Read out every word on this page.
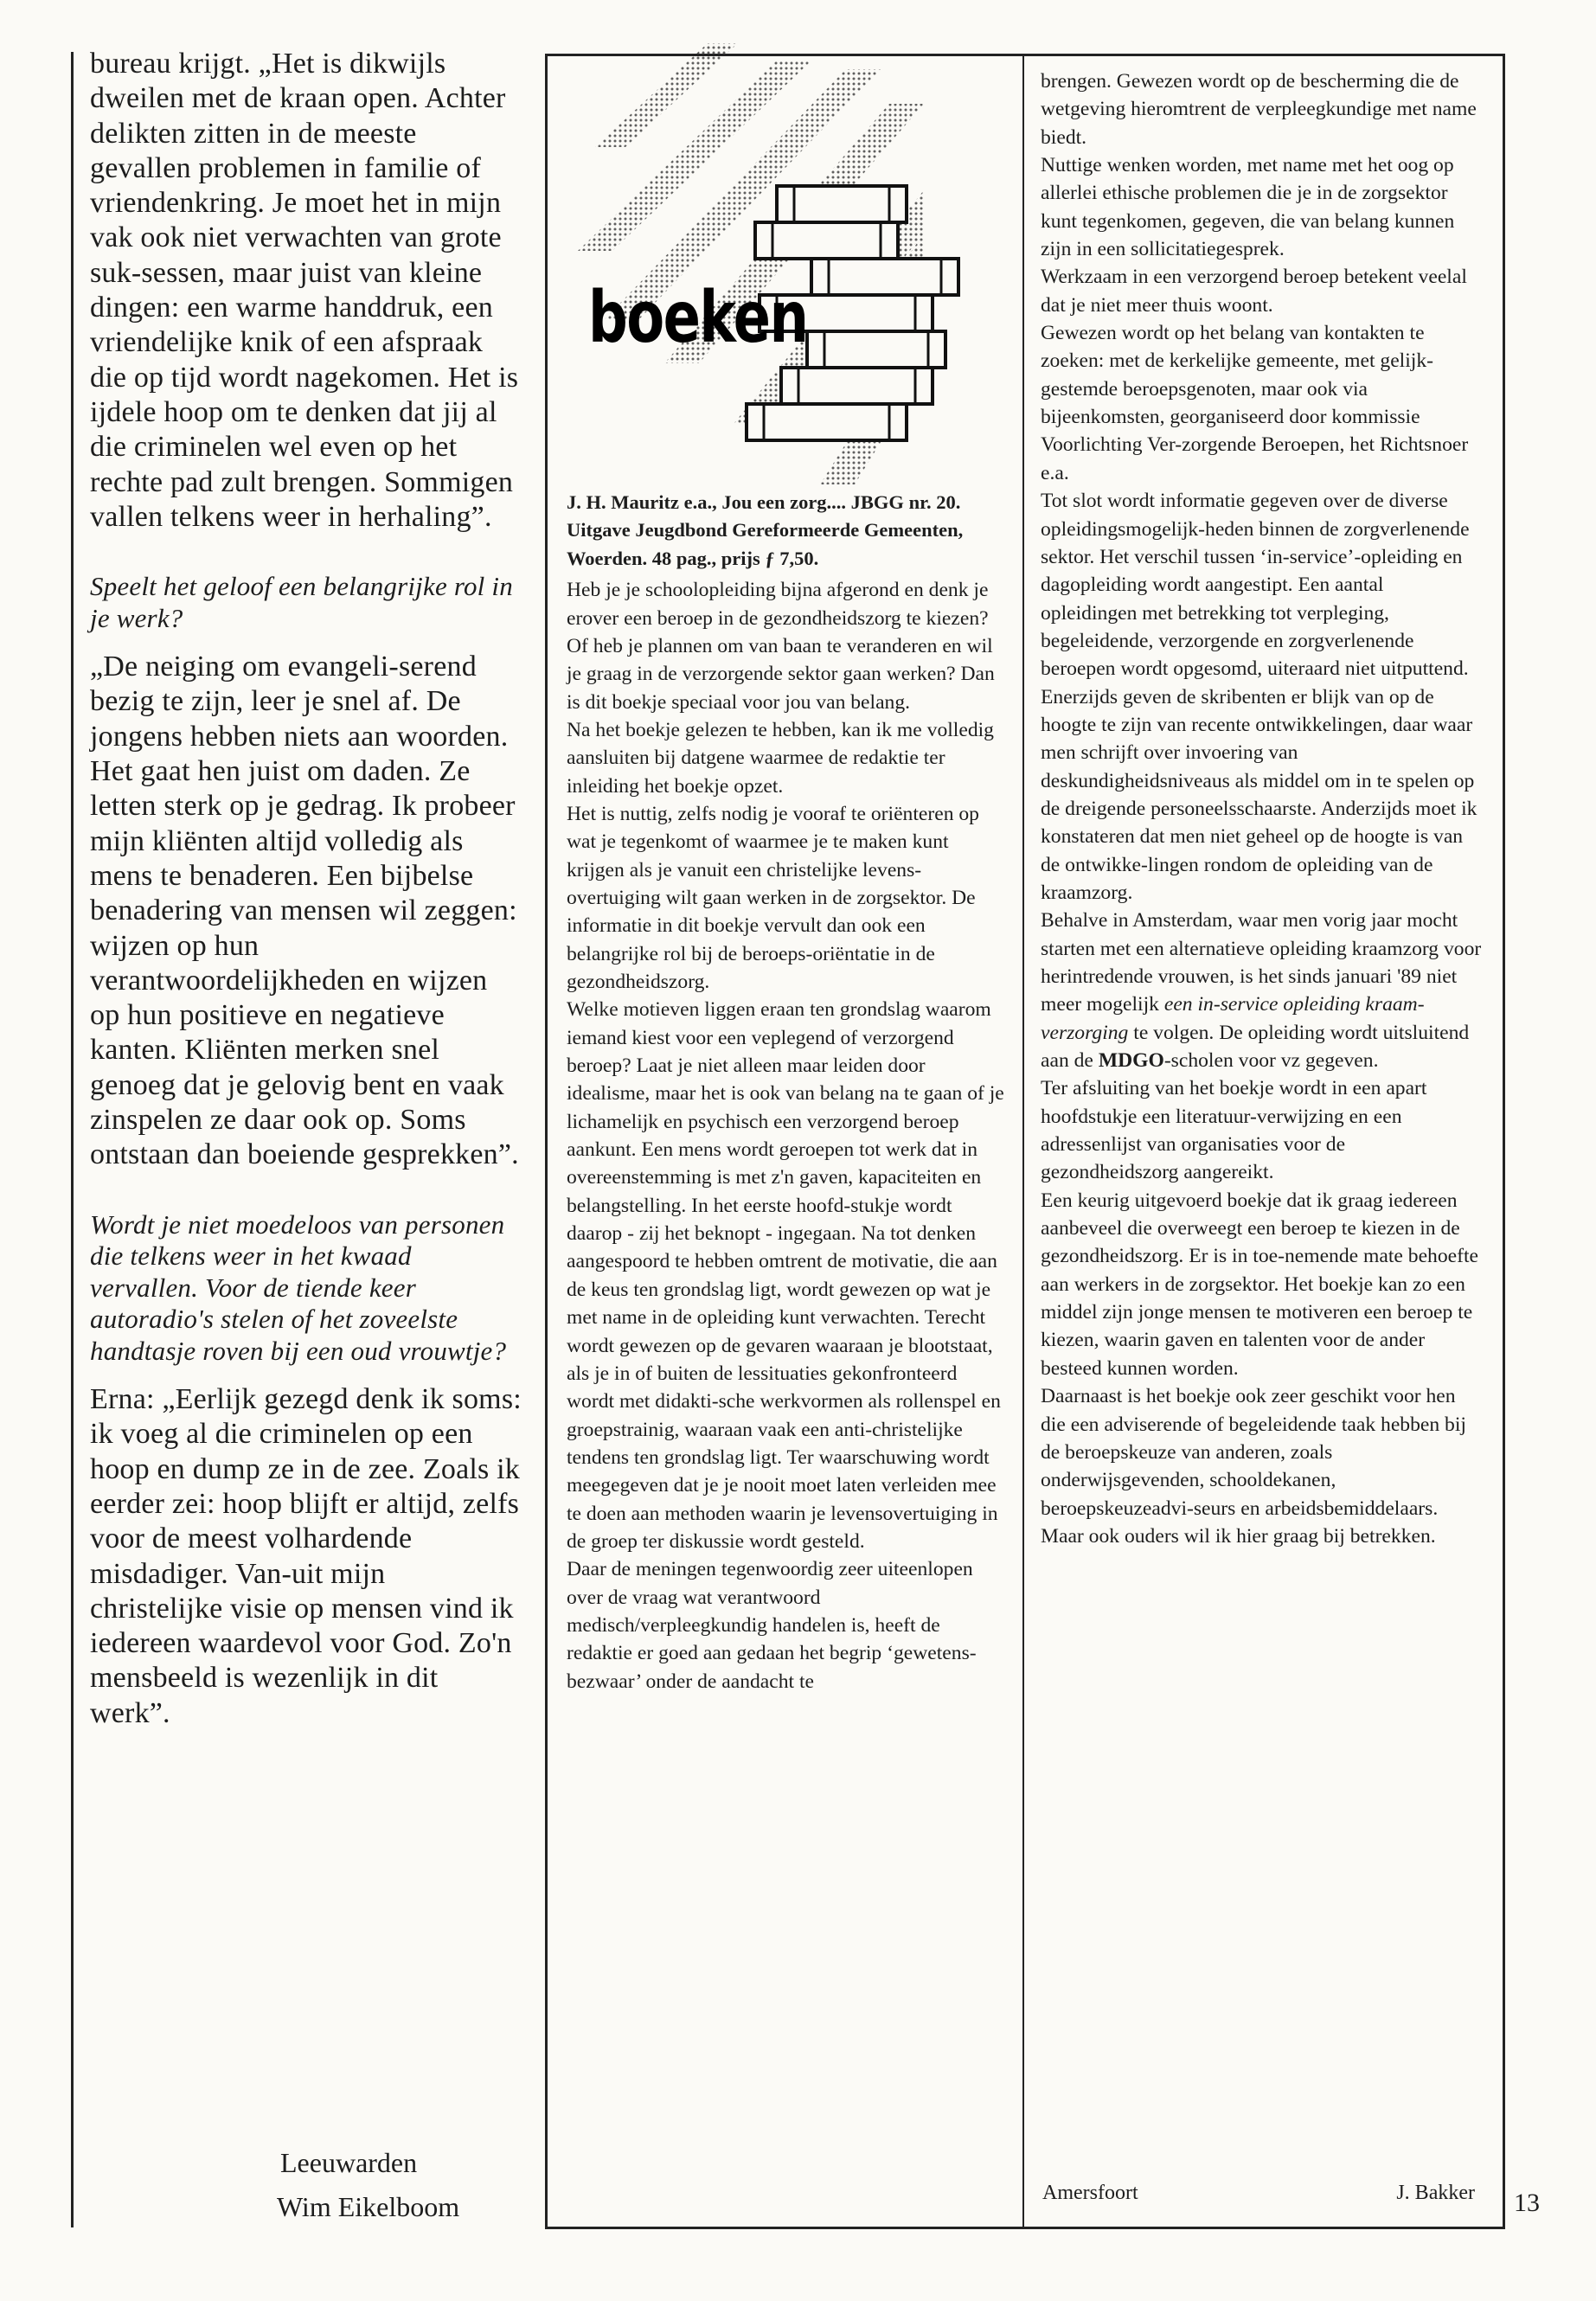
bureau krijgt. „Het is dikwijls dweilen met de kraan open. Achter delikten zitten in de meeste gevallen problemen in familie of vriendenkring. Je moet het in mijn vak ook niet verwachten van grote suk-sessen, maar juist van kleine dingen: een warme handdruk, een vriendelijke knik of een afspraak die op tijd wordt nagekomen. Het is ijdele hoop om te denken dat jij al die criminelen wel even op het rechte pad zult brengen. Sommigen vallen telkens weer in herhaling”.

Speelt het geloof een belangrijke rol in je werk?

„De neiging om evangeli-serend bezig te zijn, leer je snel af. De jongens hebben niets aan woorden. Het gaat hen juist om daden. Ze letten sterk op je gedrag. Ik probeer mijn kliënten altijd volledig als mens te benaderen. Een bijbelse benadering van mensen wil zeggen: wijzen op hun verantwoordelijkheden en wijzen op hun positieve en negatieve kanten. Kliënten merken snel genoeg dat je gelovig bent en vaak zinspelen ze daar ook op. Soms ontstaan dan boeiende gesprekken”.

Wordt je niet moedeloos van personen die telkens weer in het kwaad vervallen. Voor de tiende keer autoradio's stelen of het zoveelste handtasje roven bij een oud vrouwtje?

Erna: „Eerlijk gezegd denk ik soms: ik voeg al die criminelen op een hoop en dump ze in de zee. Zoals ik eerder zei: hoop blijft er altijd, zelfs voor de meest volhardende misdadiger. Van-uit mijn christelijke visie op mensen vind ik iedereen waardevol voor God. Zo'n mensbeeld is wezenlijk in dit werk”.

Leeuwarden
Wim Eikelboom
boeken

J. H. Mauritz e.a., Jou een zorg.... JBGG nr. 20. Uitgave Jeugdbond Gereformeerde Gemeenten, Woerden. 48 pag., prijs ƒ 7,50.

Heb je je schoolopleiding bijna afgerond en denk je erover een beroep in de gezondheidszorg te kiezen? Of heb je plannen om van baan te veranderen en wil je graag in de verzorgende sektor gaan werken? Dan is dit boekje speciaal voor jou van belang.

Na het boekje gelezen te hebben, kan ik me volledig aansluiten bij datgene waarmee de redaktie ter inleiding het boekje opzet.

Het is nuttig, zelfs nodig je vooraf te oriënteren op wat je tegenkomt of waarmee je te maken kunt krijgen als je vanuit een christelijke levens-overtuiging wilt gaan werken in de zorgsektor. De informatie in dit boekje vervult dan ook een belangrijke rol bij de beroeps-oriëntatie in de gezondheidszorg.

Welke motieven liggen eraan ten grondslag waarom iemand kiest voor een veplegend of verzorgend beroep? Laat je niet alleen maar leiden door idealisme, maar het is ook van belang na te gaan of je lichamelijk en psychisch een verzorgend beroep aankunt. Een mens wordt geroepen tot werk dat in overeenstemming is met z'n gaven, kapaciteiten en belangstelling. In het eerste hoofd-stukje wordt daarop - zij het beknopt - ingegaan. Na tot denken aangespoord te hebben omtrent de motivatie, die aan de keus ten grondslag ligt, wordt gewezen op wat je met name in de opleiding kunt verwachten. Terecht wordt gewezen op de gevaren waaraan je blootstaat, als je in of buiten de lessituaties gekonfronteerd wordt met didakti-sche werkvormen als rollenspel en groepstrainig, waaraan vaak een anti-christelijke tendens ten grondslag ligt. Ter waarschuwing wordt meegegeven dat je je nooit moet laten verleiden mee te doen aan methoden waarin je levensovertuiging in de groep ter diskussie wordt gesteld.

Daar de meningen tegenwoordig zeer uiteenlopen over de vraag wat verantwoord medisch/verpleegkundig handelen is, heeft de redaktie er goed aan gedaan het begrip ‘gewetens-bezwaar’ onder de aandacht te

brengen. Gewezen wordt op de bescherming die de wetgeving hieromtrent de verpleegkundige met name biedt.

Nuttige wenken worden, met name met het oog op allerlei ethische problemen die je in de zorgsektor kunt tegenkomen, gegeven, die van belang kunnen zijn in een sollicitatiegesprek.

Werkzaam in een verzorgend beroep betekent veelal dat je niet meer thuis woont.

Gewezen wordt op het belang van kontakten te zoeken: met de kerkelijke gemeente, met gelijk-gestemde beroepsgenoten, maar ook via bijeenkomsten, georganiseerd door kommissie Voorlichting Ver-zorgende Beroepen, het Richtsnoer e.a.

Tot slot wordt informatie gegeven over de diverse opleidingsmogelijk-heden binnen de zorgverlenende sektor. Het verschil tussen ‘in-service’-opleiding en dagopleiding wordt aangestipt. Een aantal opleidingen met betrekking tot verpleging, begeleidende, verzorgende en zorgverlenende beroepen wordt opgesomd, uiteraard niet uitputtend. Enerzijds geven de skribenten er blijk van op de hoogte te zijn van recente ontwikkelingen, daar waar men schrijft over invoering van deskundigheidsniveaus als middel om in te spelen op de dreigende personeelsschaarste. Anderzijds moet ik konstateren dat men niet geheel op de hoogte is van de ontwikke-lingen rondom de opleiding van de kraamzorg.

Behalve in Amsterdam, waar men vorig jaar mocht starten met een alternatieve opleiding kraamzorg voor herintredende vrouwen, is het sinds januari '89 niet meer mogelijk een in-service opleiding kraam-verzorging te volgen. De opleiding wordt uitsluitend aan de MDGO-scholen voor vz gegeven.

Ter afsluiting van het boekje wordt in een apart hoofdstukje een literatuur-verwijzing en een adressenlijst van organisaties voor de gezondheidszorg aangereikt.

Een keurig uitgevoerd boekje dat ik graag iedereen aanbeveel die overweegt een beroep te kiezen in de gezondheidszorg. Er is in toe-nemende mate behoefte aan werkers in de zorgsektor. Het boekje kan zo een middel zijn jonge mensen te motiveren een beroep te kiezen, waarin gaven en talenten voor de ander besteed kunnen worden.

Daarnaast is het boekje ook zeer geschikt voor hen die een adviserende of begeleidende taak hebben bij de beroepskeuze van anderen, zoals onderwijsgevenden, schooldekanen, beroepskeuzeadvi-seurs en arbeidsbemiddelaars. Maar ook ouders wil ik hier graag bij betrekken.

Amersfoort	J. Bakker 13
